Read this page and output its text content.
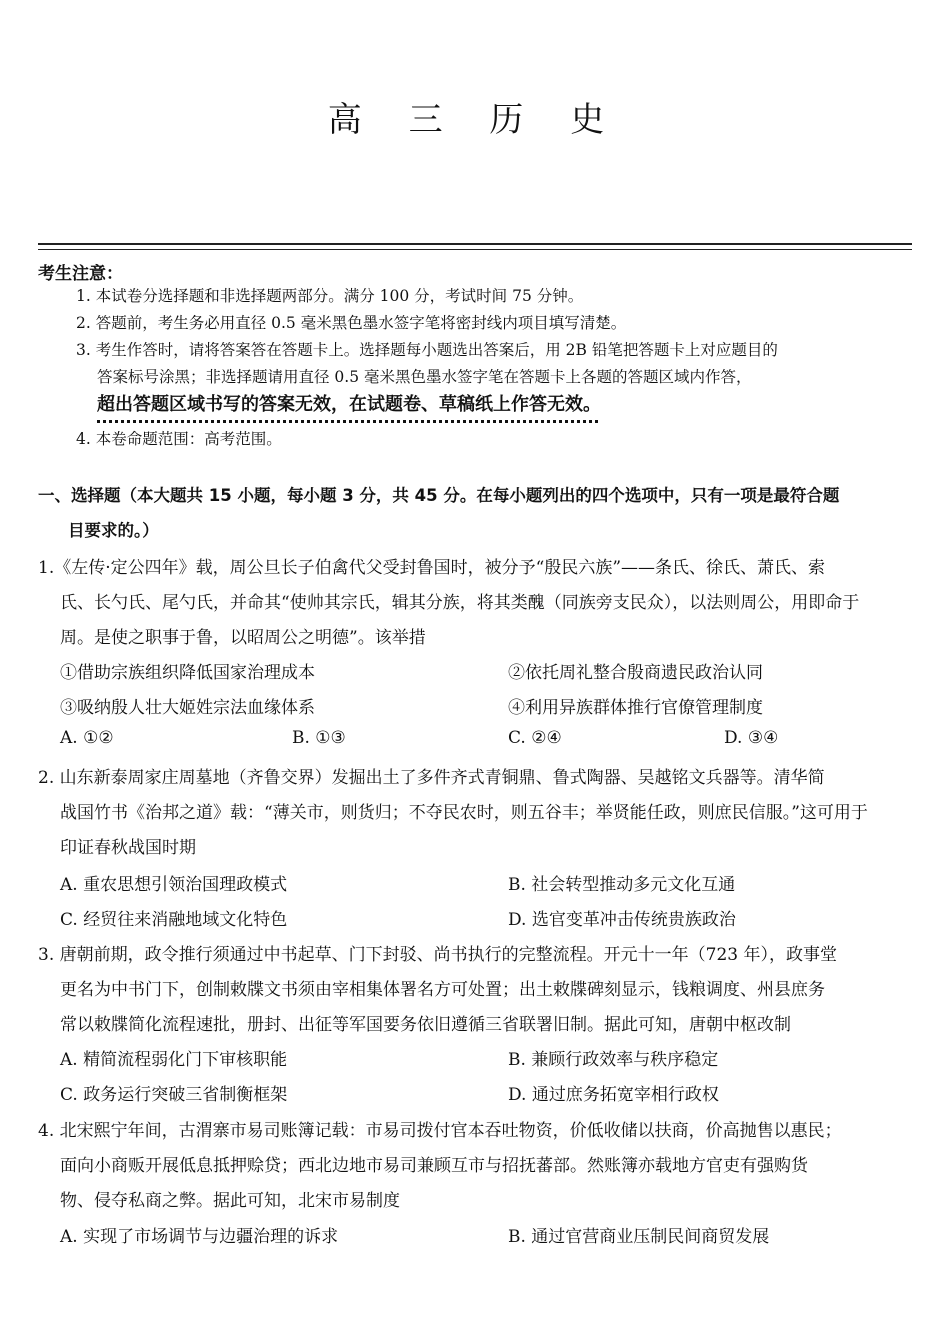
高 三 历 史
考生注意：
1. 本试卷分选择题和非选择题两部分。满分 100 分，考试时间 75 分钟。
2. 答题前，考生务必用直径 0.5 毫米黑色墨水签字笔将密封线内项目填写清楚。
3. 考生作答时，请将答案答在答题卡上。选择题每小题选出答案后，用 2B 铅笔把答题卡上对应题目的
答案标号涂黑；非选择题请用直径 0.5 毫米黑色墨水签字笔在答题卡上各题的答题区域内作答，
超出答题区域书写的答案无效，在试题卷、草稿纸上作答无效。
4. 本卷命题范围：高考范围。
一、选择题（本大题共 15 小题，每小题 3 分，共 45 分。在每小题列出的四个选项中，只有一项是最符合题
目要求的。）
1.《左传·定公四年》载，周公旦长子伯禽代父受封鲁国时，被分予“殷民六族”——条氏、徐氏、萧氏、索
氏、长勺氏、尾勺氏，并命其“使帅其宗氏，辑其分族，将其类醜（同族旁支民众），以法则周公，用即命于
周。是使之职事于鲁，以昭周公之明德”。该举措
①借助宗族组织降低国家治理成本	②依托周礼整合殷商遗民政治认同
③吸纳殷人壮大姬姓宗法血缘体系	④利用异族群体推行官僚管理制度
A. ①②	B. ①③	C. ②④	D. ③④
2. 山东新泰周家庄周墓地（齐鲁交界）发掘出土了多件齐式青铜鼎、鲁式陶器、吴越铭文兵器等。清华简
战国竹书《治邦之道》载：“薄关市，则货归；不夺民农时，则五谷丰；举贤能任政，则庶民信服。”这可用于
印证春秋战国时期
A. 重农思想引领治国理政模式	B. 社会转型推动多元文化互通
C. 经贸往来消融地域文化特色	D. 选官变革冲击传统贵族政治
3. 唐朝前期，政令推行须通过中书起草、门下封驳、尚书执行的完整流程。开元十一年（723 年），政事堂
更名为中书门下，创制敕牒文书须由宰相集体署名方可处置；出土敕牒碑刻显示，钱粮调度、州县庶务
常以敕牒简化流程速批，册封、出征等军国要务依旧遵循三省联署旧制。据此可知，唐朝中枢改制
A. 精简流程弱化门下审核职能	B. 兼顾行政效率与秩序稳定
C. 政务运行突破三省制衡框架	D. 通过庶务拓宽宰相行政权
4. 北宋熙宁年间，古渭寨市易司账簿记载：市易司拨付官本吞吐物资，价低收储以扶商，价高抛售以惠民；
面向小商贩开展低息抵押赊贷；西北边地市易司兼顾互市与招抚蕃部。然账簿亦载地方官吏有强购货
物、侵夺私商之弊。据此可知，北宋市易制度
A. 实现了市场调节与边疆治理的诉求	B. 通过官营商业压制民间商贸发展
